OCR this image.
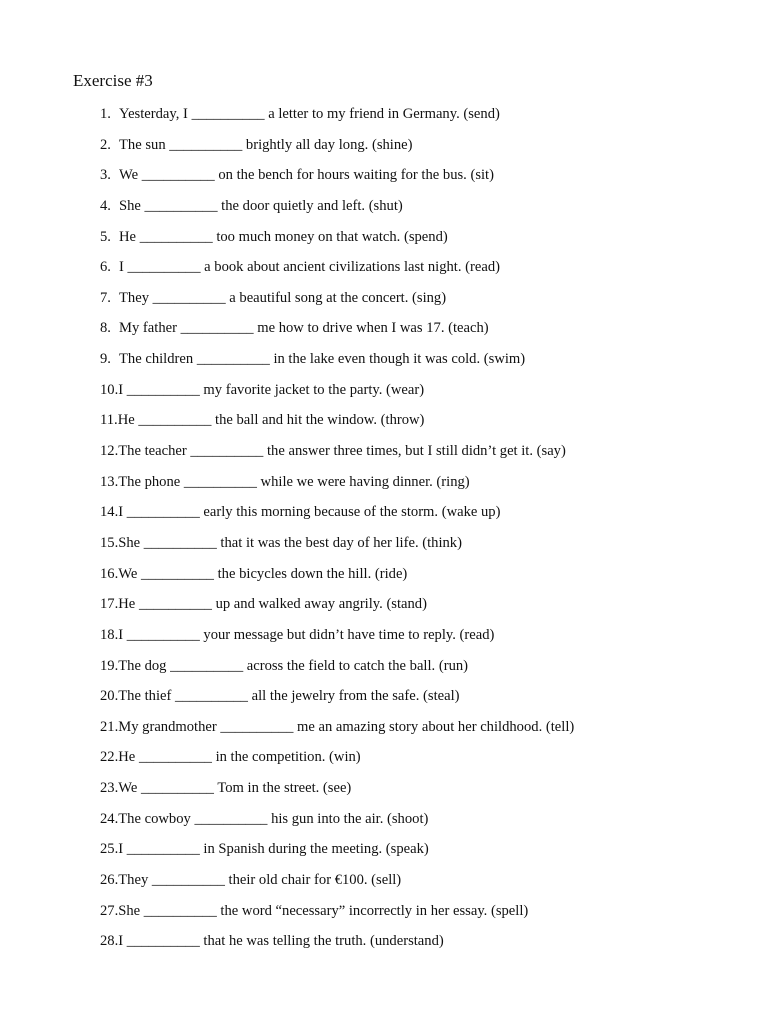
Exercise #3
1. Yesterday, I __________ a letter to my friend in Germany. (send)
2. The sun __________ brightly all day long. (shine)
3. We __________ on the bench for hours waiting for the bus. (sit)
4. She __________ the door quietly and left. (shut)
5. He __________ too much money on that watch. (spend)
6. I __________ a book about ancient civilizations last night. (read)
7. They __________ a beautiful song at the concert. (sing)
8. My father __________ me how to drive when I was 17. (teach)
9. The children __________ in the lake even though it was cold. (swim)
10.I __________ my favorite jacket to the party. (wear)
11.He __________ the ball and hit the window. (throw)
12.The teacher __________ the answer three times, but I still didn’t get it. (say)
13.The phone __________ while we were having dinner. (ring)
14.I __________ early this morning because of the storm. (wake up)
15.She __________ that it was the best day of her life. (think)
16.We __________ the bicycles down the hill. (ride)
17.He __________ up and walked away angrily. (stand)
18.I __________ your message but didn’t have time to reply. (read)
19.The dog __________ across the field to catch the ball. (run)
20.The thief __________ all the jewelry from the safe. (steal)
21.My grandmother __________ me an amazing story about her childhood. (tell)
22.He __________ in the competition. (win)
23.We __________ Tom in the street. (see)
24.The cowboy __________ his gun into the air. (shoot)
25.I __________ in Spanish during the meeting. (speak)
26.They __________ their old chair for €100. (sell)
27.She __________ the word “necessary” incorrectly in her essay. (spell)
28.I __________ that he was telling the truth. (understand)
